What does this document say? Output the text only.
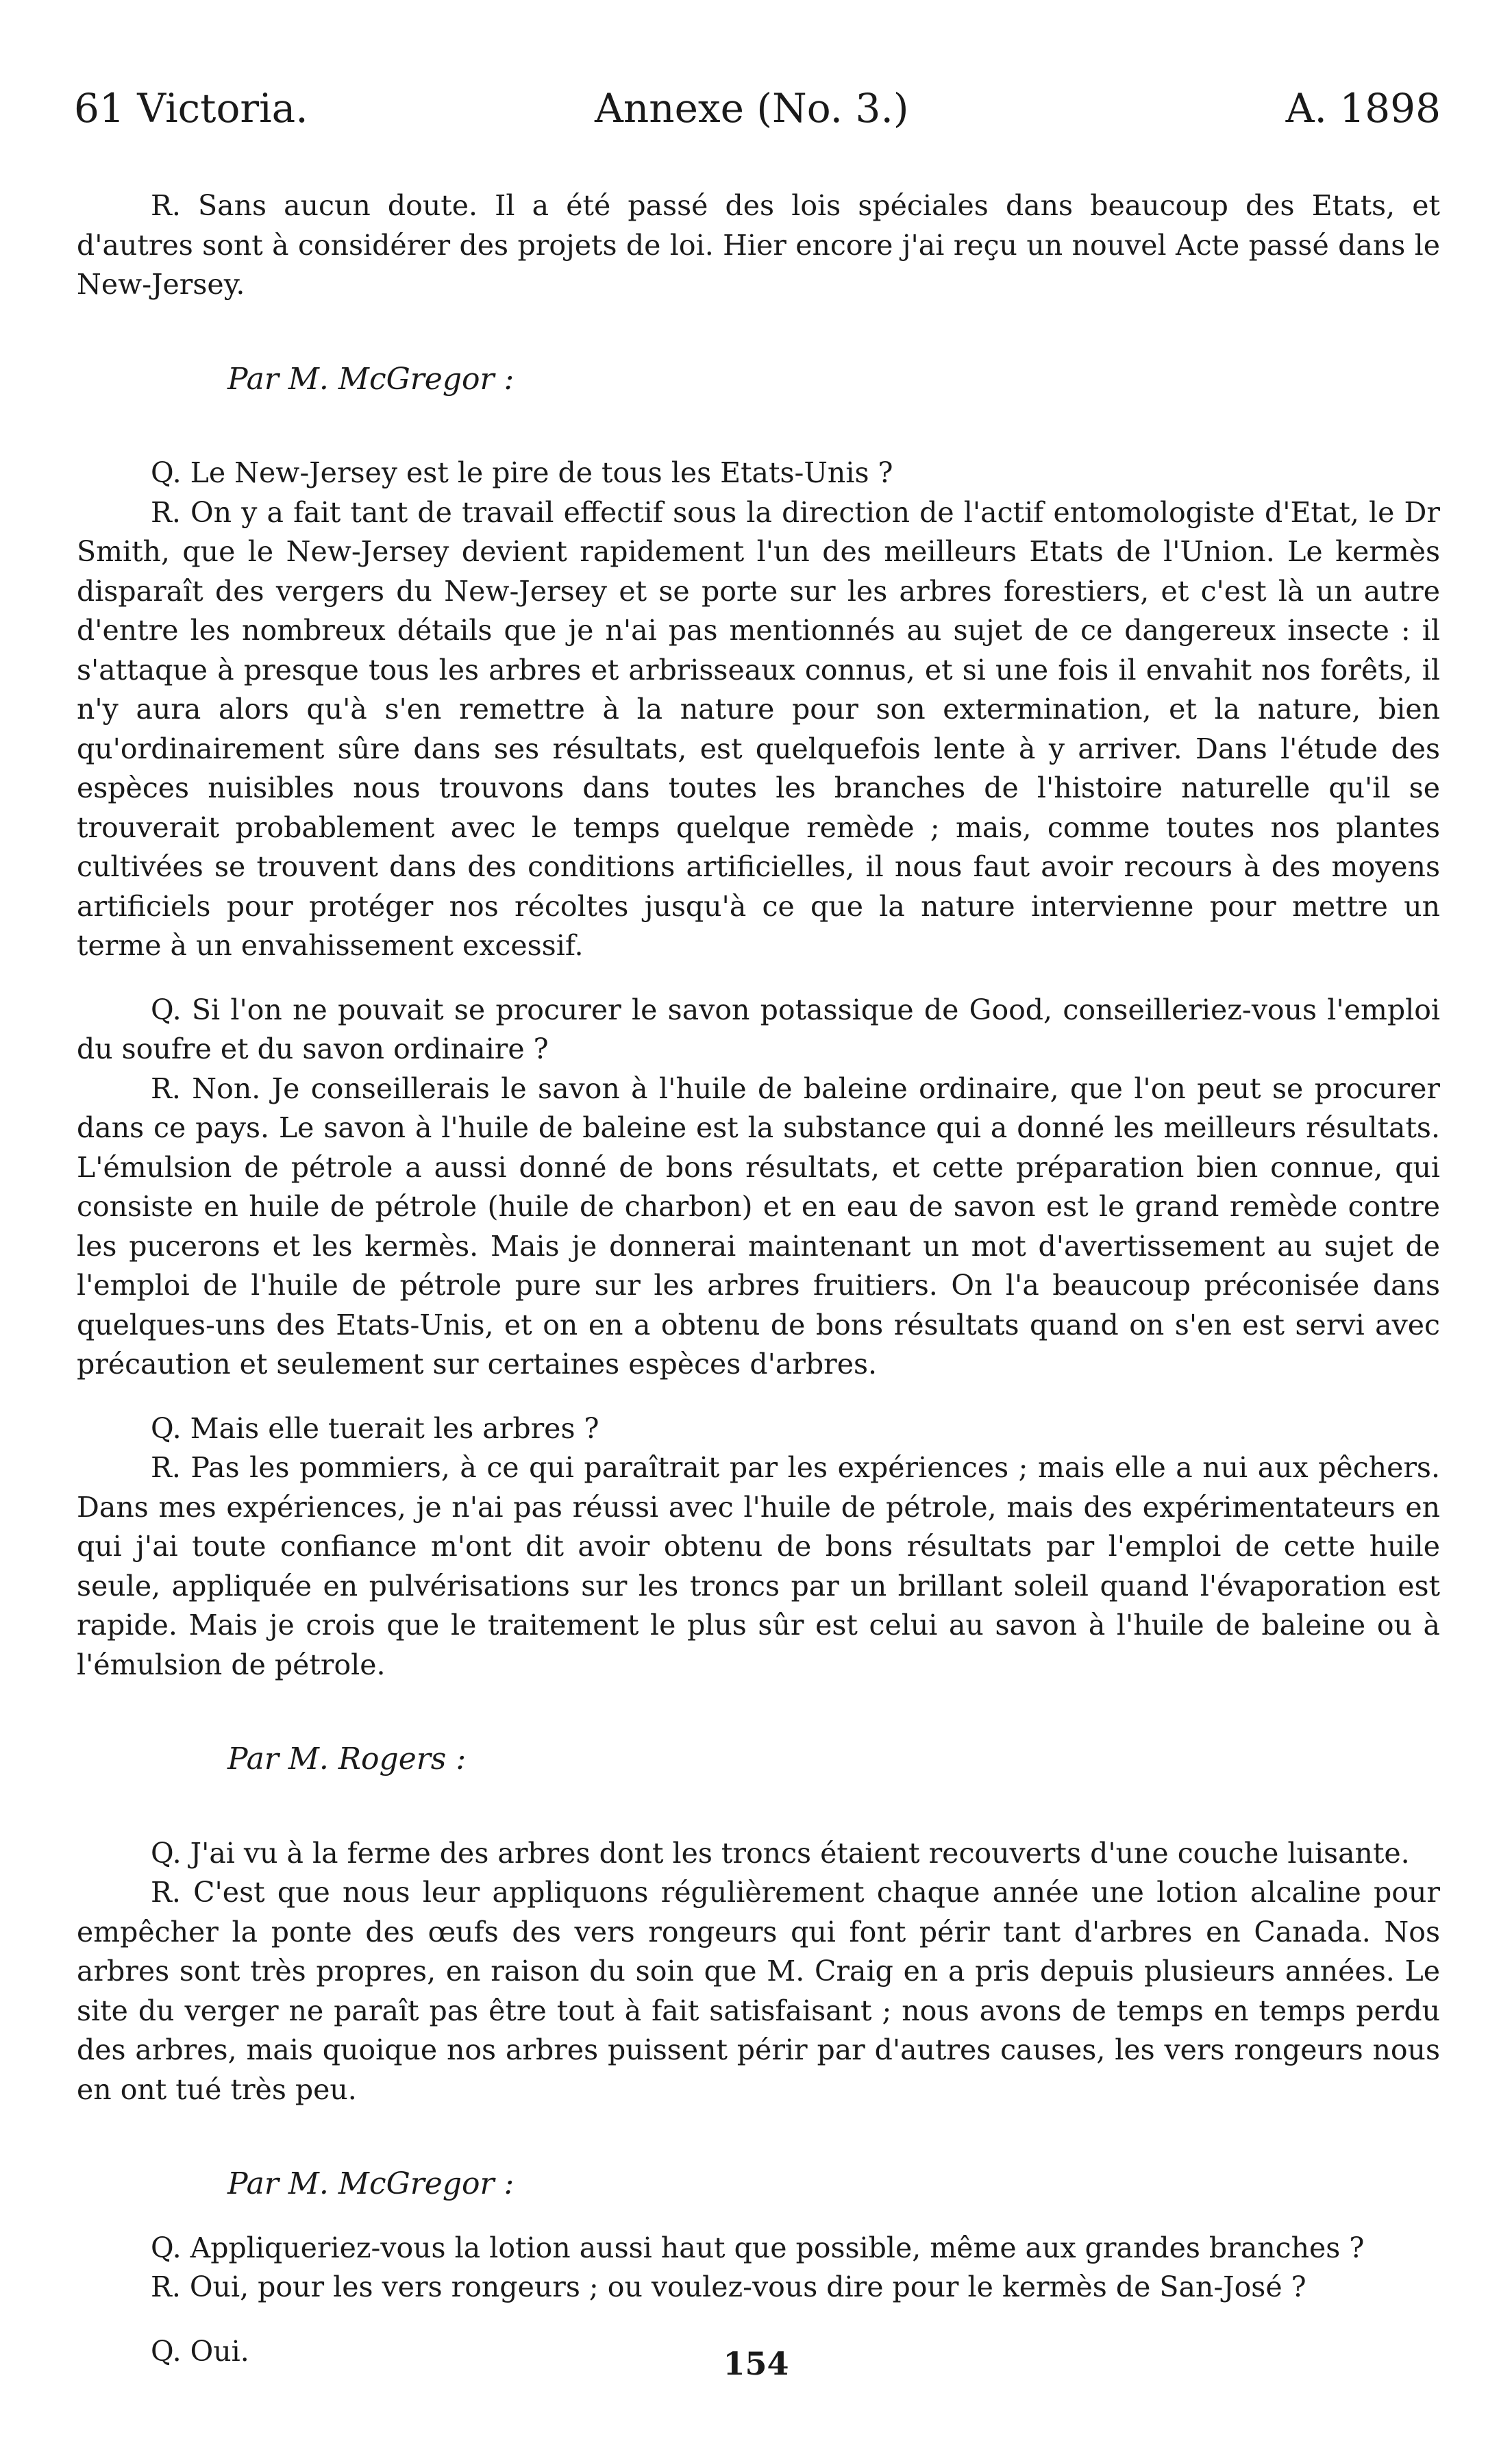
61 Victoria.	Annexe (No. 3.)	A. 1898

R. Sans aucun doute. Il a été passé des lois spéciales dans beaucoup des Etats, et d'autres sont à considérer des projets de loi. Hier encore j'ai reçu un nouvel Acte passé dans le New-Jersey.

Par M. McGregor :

Q. Le New-Jersey est le pire de tous les Etats-Unis ?

R. On y a fait tant de travail effectif sous la direction de l'actif entomologiste d'Etat, le Dr Smith, que le New-Jersey devient rapidement l'un des meilleurs Etats de l'Union. Le kermès disparaît des vergers du New-Jersey et se porte sur les arbres forestiers, et c'est là un autre d'entre les nombreux détails que je n'ai pas mentionnés au sujet de ce dangereux insecte : il s'attaque à presque tous les arbres et arbrisseaux connus, et si une fois il envahit nos forêts, il n'y aura alors qu'à s'en remettre à la nature pour son extermination, et la nature, bien qu'ordinairement sûre dans ses résultats, est quelquefois lente à y arriver. Dans l'étude des espèces nuisibles nous trouvons dans toutes les branches de l'histoire naturelle qu'il se trouverait probablement avec le temps quelque remède ; mais, comme toutes nos plantes cultivées se trouvent dans des conditions artificielles, il nous faut avoir recours à des moyens artificiels pour protéger nos récoltes jusqu'à ce que la nature intervienne pour mettre un terme à un envahissement excessif.

Q. Si l'on ne pouvait se procurer le savon potassique de Good, conseilleriez-vous l'emploi du soufre et du savon ordinaire ?

R. Non. Je conseillerais le savon à l'huile de baleine ordinaire, que l'on peut se procurer dans ce pays. Le savon à l'huile de baleine est la substance qui a donné les meilleurs résultats. L'émulsion de pétrole a aussi donné de bons résultats, et cette préparation bien connue, qui consiste en huile de pétrole (huile de charbon) et en eau de savon est le grand remède contre les pucerons et les kermès. Mais je donnerai maintenant un mot d'avertissement au sujet de l'emploi de l'huile de pétrole pure sur les arbres fruitiers. On l'a beaucoup préconisée dans quelques-uns des Etats-Unis, et on en a obtenu de bons résultats quand on s'en est servi avec précaution et seulement sur certaines espèces d'arbres.

Q. Mais elle tuerait les arbres ?

R. Pas les pommiers, à ce qui paraîtrait par les expériences ; mais elle a nui aux pêchers. Dans mes expériences, je n'ai pas réussi avec l'huile de pétrole, mais des expérimentateurs en qui j'ai toute confiance m'ont dit avoir obtenu de bons résultats par l'emploi de cette huile seule, appliquée en pulvérisations sur les troncs par un brillant soleil quand l'évaporation est rapide. Mais je crois que le traitement le plus sûr est celui au savon à l'huile de baleine ou à l'émulsion de pétrole.

Par M. Rogers :

Q. J'ai vu à la ferme des arbres dont les troncs étaient recouverts d'une couche luisante.

R. C'est que nous leur appliquons régulièrement chaque année une lotion alcaline pour empêcher la ponte des œufs des vers rongeurs qui font périr tant d'arbres en Canada. Nos arbres sont très propres, en raison du soin que M. Craig en a pris depuis plusieurs années. Le site du verger ne paraît pas être tout à fait satisfaisant ; nous avons de temps en temps perdu des arbres, mais quoique nos arbres puissent périr par d'autres causes, les vers rongeurs nous en ont tué très peu.

Par M. McGregor :

Q. Appliqueriez-vous la lotion aussi haut que possible, même aux grandes branches ?

R. Oui, pour les vers rongeurs ; ou voulez-vous dire pour le kermès de San-José ?

Q. Oui.	154
